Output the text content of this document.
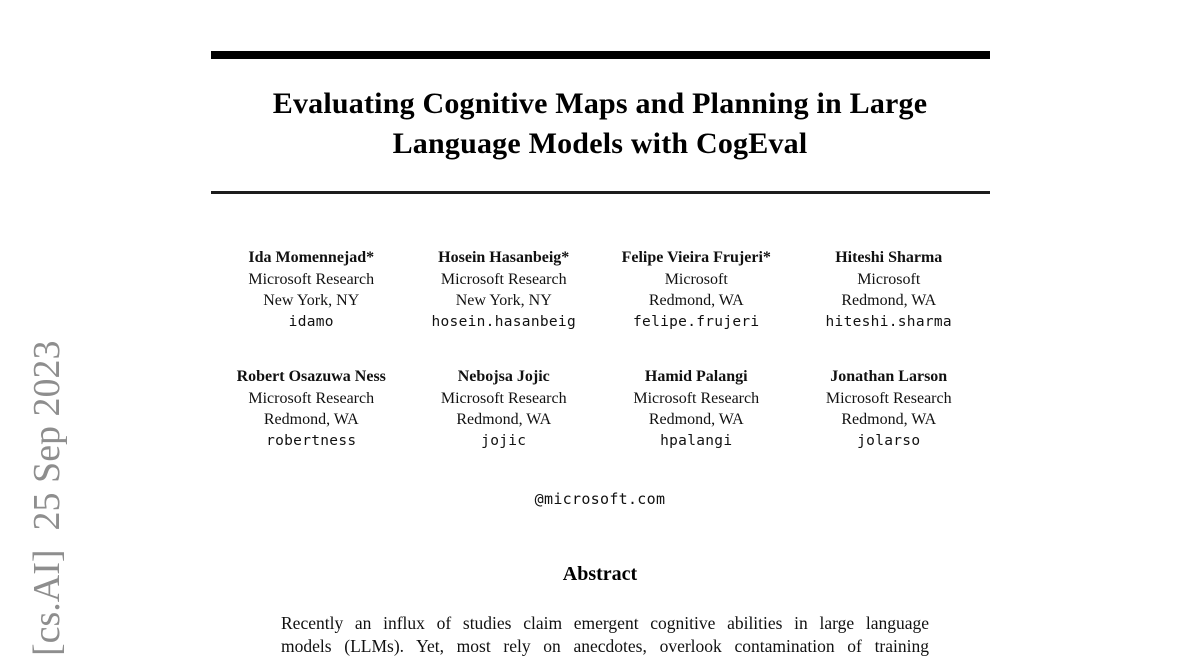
[cs.AI]  25 Sep 2023
Evaluating Cognitive Maps and Planning in Large
Language Models with CogEval
Ida Momennejad*
Microsoft Research
New York, NY
idamo
Hosein Hasanbeig*
Microsoft Research
New York, NY
hosein.hasanbeig
Felipe Vieira Frujeri*
Microsoft
Redmond, WA
felipe.frujeri
Hiteshi Sharma
Microsoft
Redmond, WA
hiteshi.sharma
Robert Osazuwa Ness
Microsoft Research
Redmond, WA
robertness
Nebojsa Jojic
Microsoft Research
Redmond, WA
jojic
Hamid Palangi
Microsoft Research
Redmond, WA
hpalangi
Jonathan Larson
Microsoft Research
Redmond, WA
jolarso
@microsoft.com
Abstract
Recently an influx of studies claim emergent cognitive abilities in large language
models (LLMs). Yet, most rely on anecdotes, overlook contamination of training
